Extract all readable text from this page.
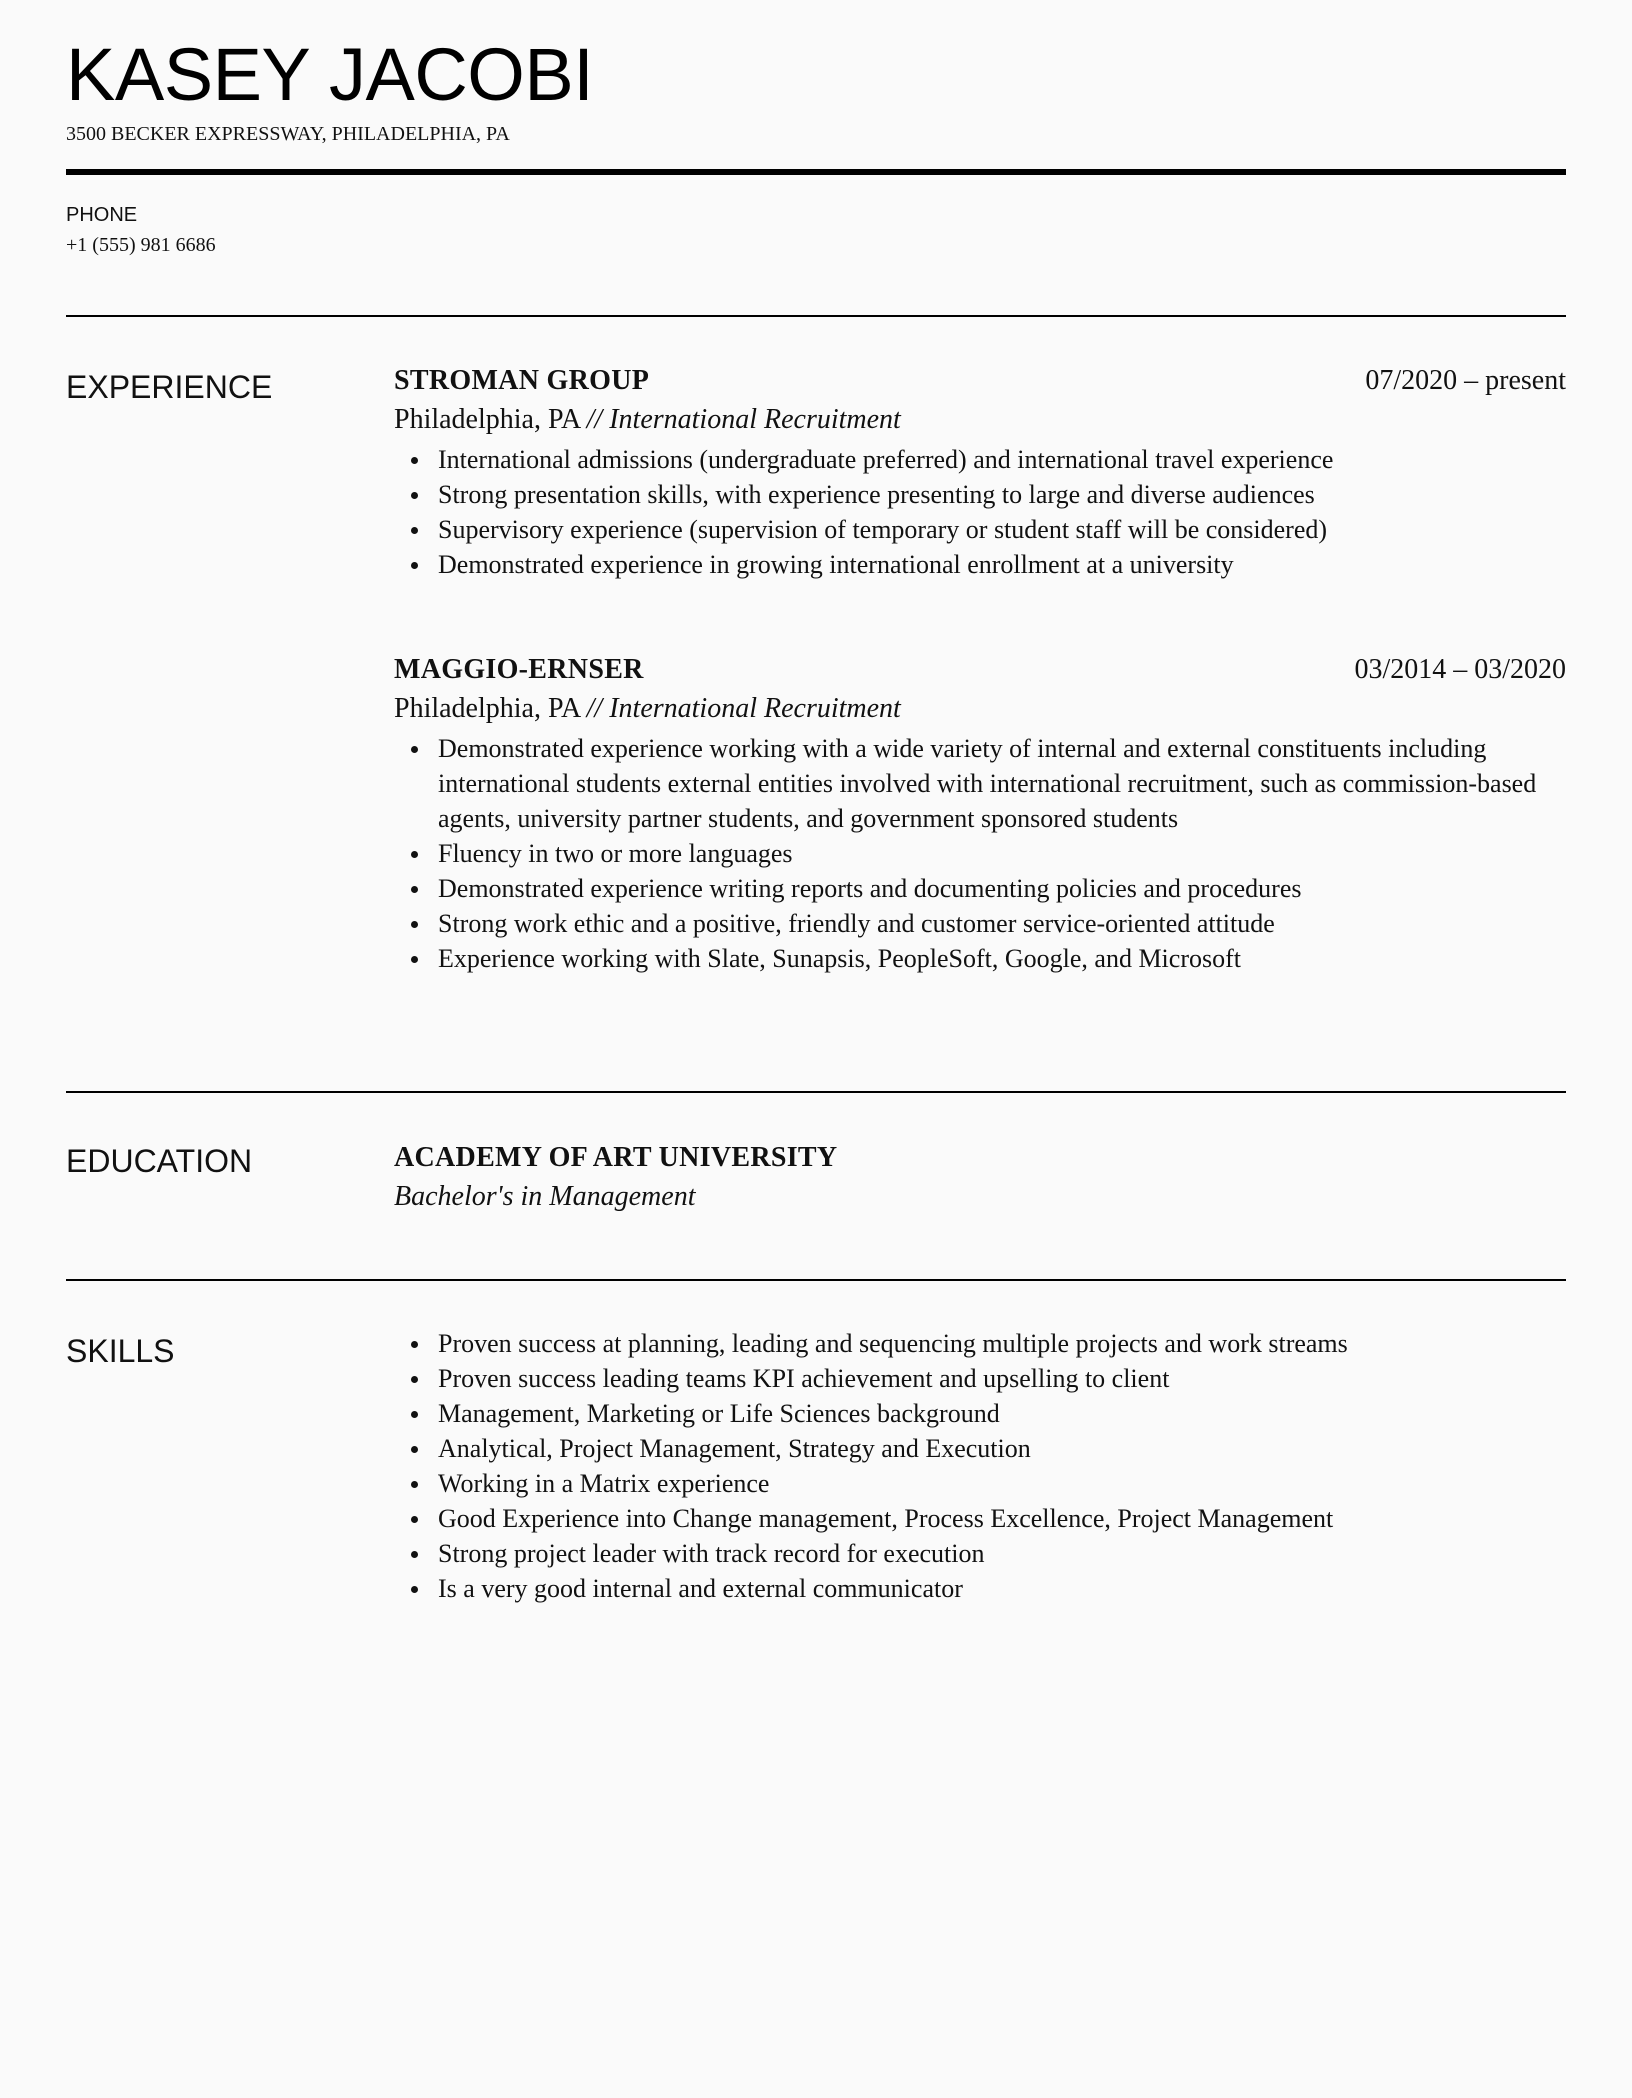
KASEY JACOBI
3500 BECKER EXPRESSWAY, PHILADELPHIA, PA
PHONE
+1 (555) 981 6686
EXPERIENCE	STROMAN GROUP	07/2020 – present
Philadelphia, PA // International Recruitment
International admissions (undergraduate preferred) and international travel experience
Strong presentation skills, with experience presenting to large and diverse audiences
Supervisory experience (supervision of temporary or student staff will be considered)
Demonstrated experience in growing international enrollment at a university
MAGGIO-ERNSER	03/2014 – 03/2020
Philadelphia, PA // International Recruitment
Demonstrated experience working with a wide variety of internal and external constituents including international students external entities involved with international recruitment, such as commission-based agents, university partner students, and government sponsored students
Fluency in two or more languages
Demonstrated experience writing reports and documenting policies and procedures
Strong work ethic and a positive, friendly and customer service-oriented attitude
Experience working with Slate, Sunapsis, PeopleSoft, Google, and Microsoft
EDUCATION	ACADEMY OF ART UNIVERSITY
Bachelor's in Management
SKILLS	Proven success at planning, leading and sequencing multiple projects and work streams
Proven success leading teams KPI achievement and upselling to client
Management, Marketing or Life Sciences background
Analytical, Project Management, Strategy and Execution
Working in a Matrix experience
Good Experience into Change management, Process Excellence, Project Management
Strong project leader with track record for execution
Is a very good internal and external communicator
